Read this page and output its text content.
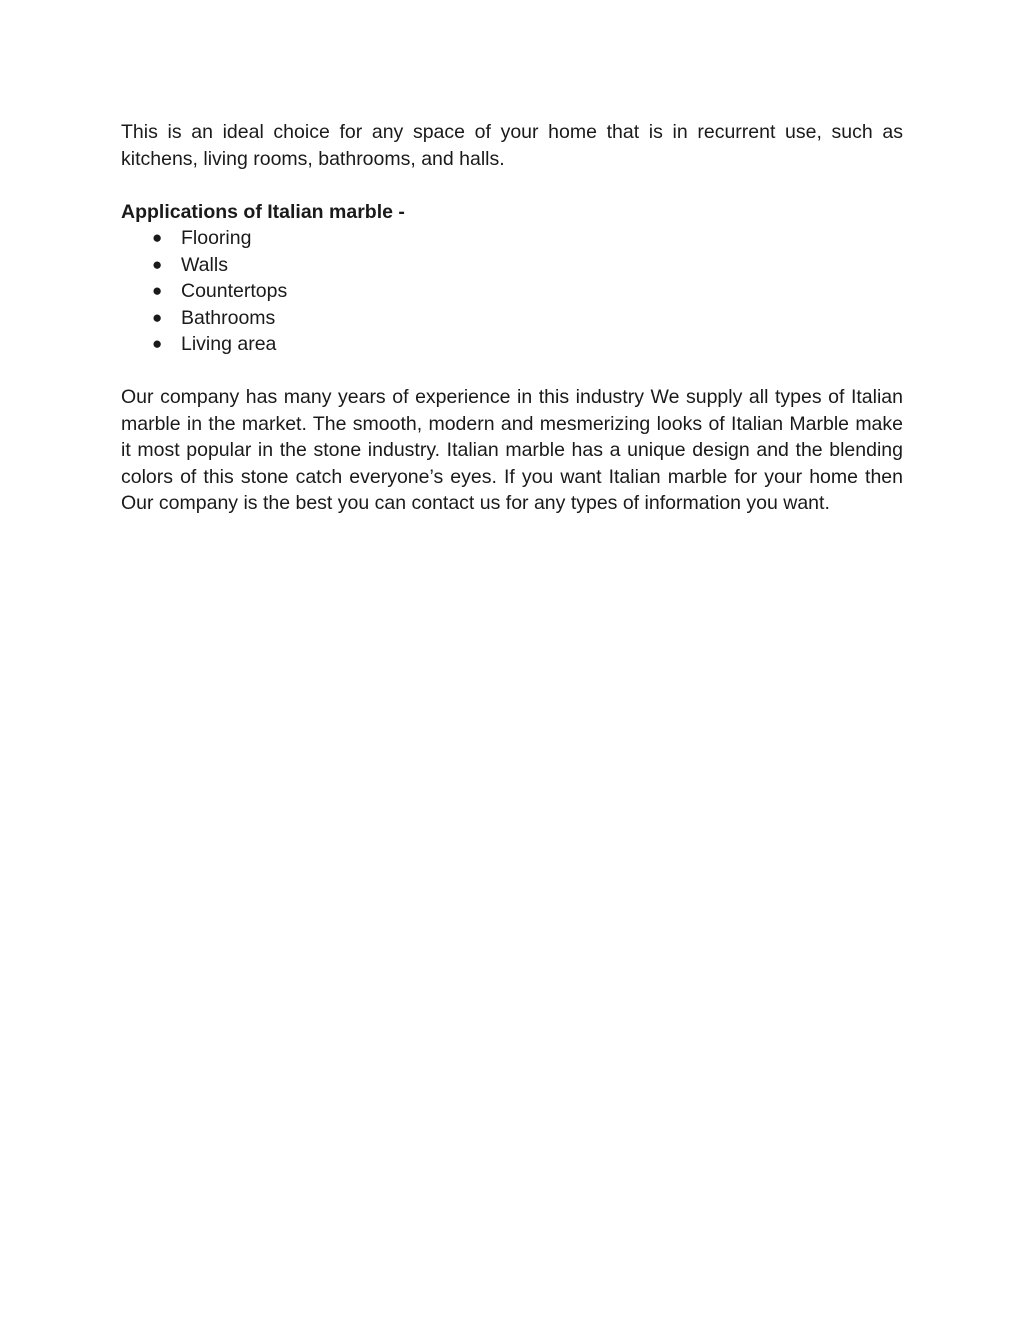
This is an ideal choice for any space of your home that is in recurrent use, such as kitchens, living rooms, bathrooms, and halls.

Applications of Italian marble -

● Flooring
● Walls
● Countertops
● Bathrooms
● Living area

Our company has many years of experience in this industry We supply all types of Italian marble in the market. The smooth, modern and mesmerizing looks of Italian Marble make it most popular in the stone industry. Italian marble has a unique design and the blending colors of this stone catch everyone’s eyes. If you want Italian marble for your home then Our company is the best you can contact us for any types of information you want.
